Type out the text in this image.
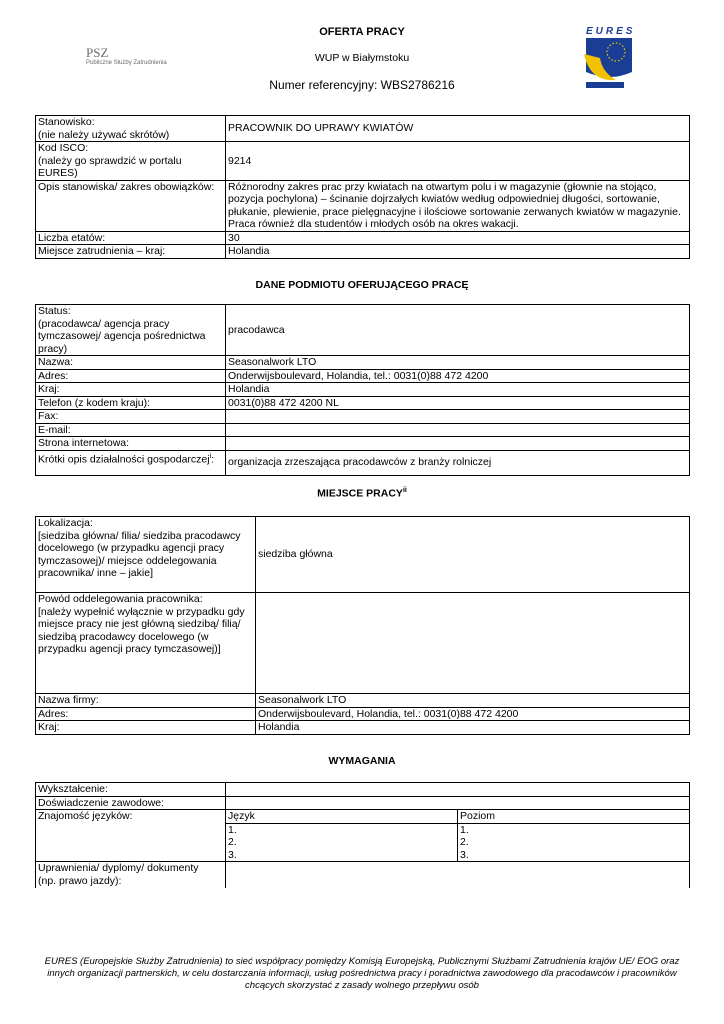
PSZ
Publiczne Służby Zatrudnienia
OFERTA PRACY
WUP w Białymstoku
Numer referencyjny: WBS2786216
EURES
Stanowisko:
(nie należy używać skrótów)	PRACOWNIK DO UPRAWY KWIATÓW
Kod ISCO:
(należy go sprawdzić w portalu EURES)	9214
Opis stanowiska/ zakres obowiązków:	Różnorodny zakres prac przy kwiatach na otwartym polu i w magazynie (głownie na stojąco, pozycja pochylona) – ścinanie dojrzałych kwiatów według odpowiedniej długości, sortowanie, płukanie, plewienie, prace pielęgnacyjne i ilościowe sortowanie zerwanych kwiatów w magazynie. Praca również dla studentów i młodych osób na okres wakacji.
Liczba etatów:	30
Miejsce zatrudnienia – kraj:	Holandia
DANE PODMIOTU OFERUJĄCEGO PRACĘ
Status:
(pracodawca/ agencja pracy tymczasowej/ agencja pośrednictwa pracy)	pracodawca
Nazwa:	Seasonalwork LTO
Adres:	Onderwijsboulevard, Holandia, tel.: 0031(0)88 472 4200
Kraj:	Holandia
Telefon (z kodem kraju):	0031(0)88 472 4200 NL
Fax:	
E-mail:	
Strona internetowa:	
Krótki opis działalności gospodarczej$^i$:	organizacja zrzeszająca pracodawców z branży rolniczej
MIEJSCE PRACY$^{ii}$
Lokalizacja:
[siedziba główna/ filia/ siedziba pracodawcy docelowego (w przypadku agencji pracy tymczasowej)/ miejsce oddelegowania pracownika/ inne – jakie]	siedziba główna
Powód oddelegowania pracownika:
[należy wypełnić wyłącznie w przypadku gdy miejsce pracy nie jest główną siedzibą/ filią/ siedzibą pracodawcy docelowego (w przypadku agencji pracy tymczasowej)]	
Nazwa firmy:	Seasonalwork LTO
Adres:	Onderwijsboulevard, Holandia, tel.: 0031(0)88 472 4200
Kraj:	Holandia
WYMAGANIA
Wykształcenie:		
Doświadczenie zawodowe:		
Znajomość języków:	Język	Poziom
	1.	1.
	2.	2.
	3.	3.
Uprawnienia/ dyplomy/ dokumenty
(np. prawo jazdy):		
EURES (Europejskie Służby Zatrudnienia) to sieć współpracy pomiędzy Komisją Europejską, Publicznymi Służbami Zatrudnienia krajów UE/ EOG oraz innych organizacji partnerskich, w celu dostarczania informacji, usług pośrednictwa pracy i poradnictwa zawodowego dla pracodawców i pracowników chcących skorzystać z zasady wolnego przepływu osób
